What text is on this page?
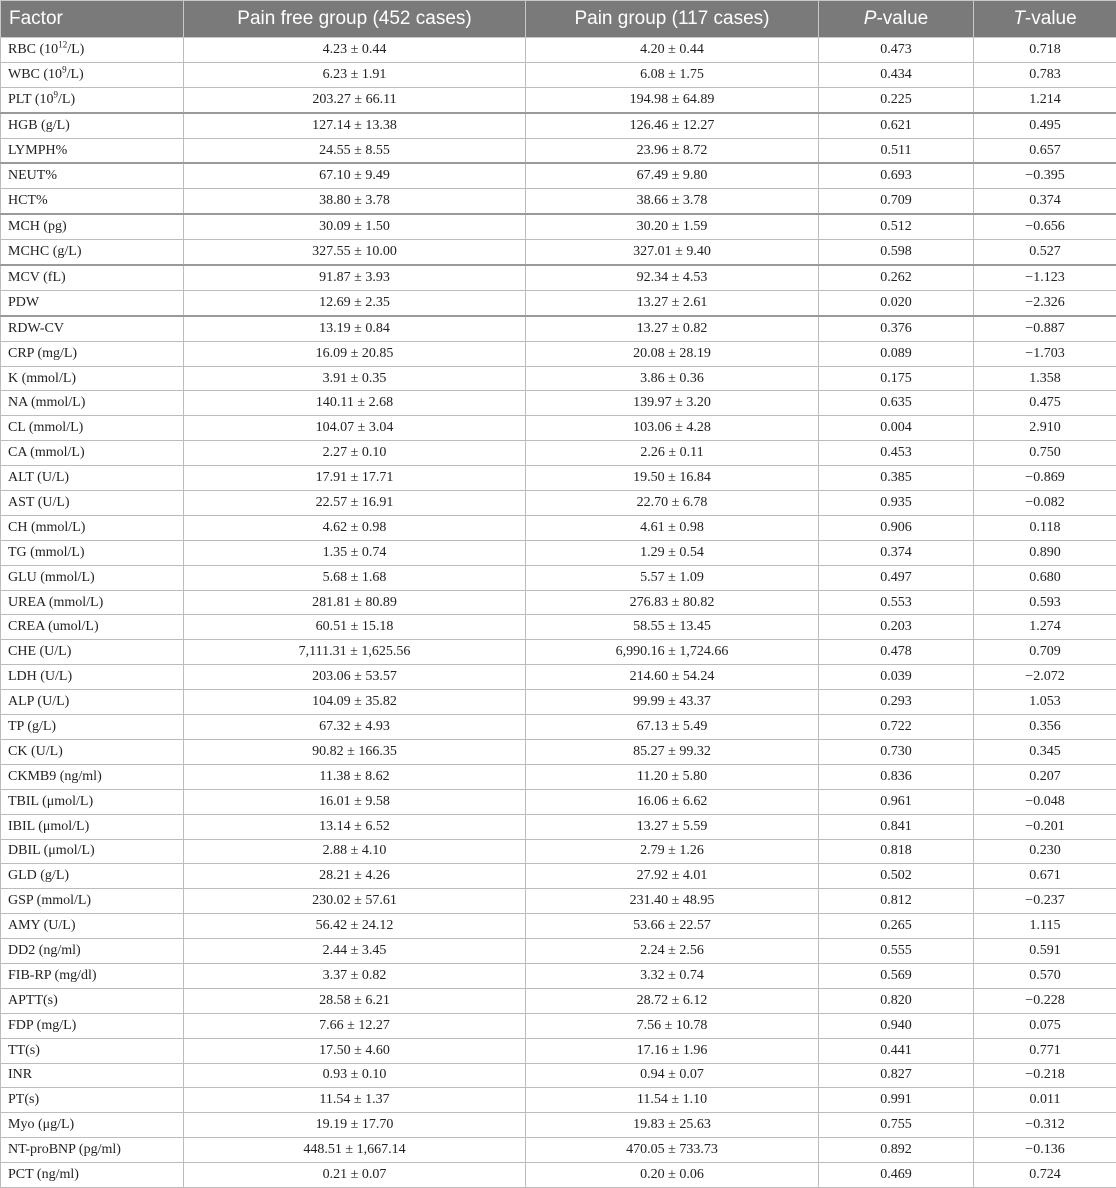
Factor	Pain free group (452 cases)	Pain group (117 cases)	P-value	T-value
RBC $(10^{12}/L)$	4.23 ± 0.44	4.20 ± 0.44	0.473	0.718
WBC $(10^9/L)$	6.23 ± 1.91	6.08 ± 1.75	0.434	0.783
PLT $(10^9/L)$	203.27 ± 66.11	194.98 ± 64.89	0.225	1.214
HGB (g/L)	127.14 ± 13.38	126.46 ± 12.27	0.621	0.495
LYMPH%	24.55 ± 8.55	23.96 ± 8.72	0.511	0.657
NEUT%	67.10 ± 9.49	67.49 ± 9.80	0.693	−0.395
HCT%	38.80 ± 3.78	38.66 ± 3.78	0.709	0.374
MCH (pg)	30.09 ± 1.50	30.20 ± 1.59	0.512	−0.656
MCHC (g/L)	327.55 ± 10.00	327.01 ± 9.40	0.598	0.527
MCV (fL)	91.87 ± 3.93	92.34 ± 4.53	0.262	−1.123
PDW	12.69 ± 2.35	13.27 ± 2.61	0.020	−2.326
RDW-CV	13.19 ± 0.84	13.27 ± 0.82	0.376	−0.887
CRP (mg/L)	16.09 ± 20.85	20.08 ± 28.19	0.089	−1.703
K (mmol/L)	3.91 ± 0.35	3.86 ± 0.36	0.175	1.358
NA (mmol/L)	140.11 ± 2.68	139.97 ± 3.20	0.635	0.475
CL (mmol/L)	104.07 ± 3.04	103.06 ± 4.28	0.004	2.910
CA (mmol/L)	2.27 ± 0.10	2.26 ± 0.11	0.453	0.750
ALT (U/L)	17.91 ± 17.71	19.50 ± 16.84	0.385	−0.869
AST (U/L)	22.57 ± 16.91	22.70 ± 6.78	0.935	−0.082
CH (mmol/L)	4.62 ± 0.98	4.61 ± 0.98	0.906	0.118
TG (mmol/L)	1.35 ± 0.74	1.29 ± 0.54	0.374	0.890
GLU (mmol/L)	5.68 ± 1.68	5.57 ± 1.09	0.497	0.680
UREA (mmol/L)	281.81 ± 80.89	276.83 ± 80.82	0.553	0.593
CREA (umol/L)	60.51 ± 15.18	58.55 ± 13.45	0.203	1.274
CHE (U/L)	7,111.31 ± 1,625.56	6,990.16 ± 1,724.66	0.478	0.709
LDH (U/L)	203.06 ± 53.57	214.60 ± 54.24	0.039	−2.072
ALP (U/L)	104.09 ± 35.82	99.99 ± 43.37	0.293	1.053
TP (g/L)	67.32 ± 4.93	67.13 ± 5.49	0.722	0.356
CK (U/L)	90.82 ± 166.35	85.27 ± 99.32	0.730	0.345
CKMB9 (ng/ml)	11.38 ± 8.62	11.20 ± 5.80	0.836	0.207
TBIL (μmol/L)	16.01 ± 9.58	16.06 ± 6.62	0.961	−0.048
IBIL (μmol/L)	13.14 ± 6.52	13.27 ± 5.59	0.841	−0.201
DBIL (μmol/L)	2.88 ± 4.10	2.79 ± 1.26	0.818	0.230
GLD (g/L)	28.21 ± 4.26	27.92 ± 4.01	0.502	0.671
GSP (mmol/L)	230.02 ± 57.61	231.40 ± 48.95	0.812	−0.237
AMY (U/L)	56.42 ± 24.12	53.66 ± 22.57	0.265	1.115
DD2 (ng/ml)	2.44 ± 3.45	2.24 ± 2.56	0.555	0.591
FIB-RP (mg/dl)	3.37 ± 0.82	3.32 ± 0.74	0.569	0.570
APTT(s)	28.58 ± 6.21	28.72 ± 6.12	0.820	−0.228
FDP (mg/L)	7.66 ± 12.27	7.56 ± 10.78	0.940	0.075
TT(s)	17.50 ± 4.60	17.16 ± 1.96	0.441	0.771
INR	0.93 ± 0.10	0.94 ± 0.07	0.827	−0.218
PT(s)	11.54 ± 1.37	11.54 ± 1.10	0.991	0.011
Myo (μg/L)	19.19 ± 17.70	19.83 ± 25.63	0.755	−0.312
NT-proBNP (pg/ml)	448.51 ± 1,667.14	470.05 ± 733.73	0.892	−0.136
PCT (ng/ml)	0.21 ± 0.07	0.20 ± 0.06	0.469	0.724
